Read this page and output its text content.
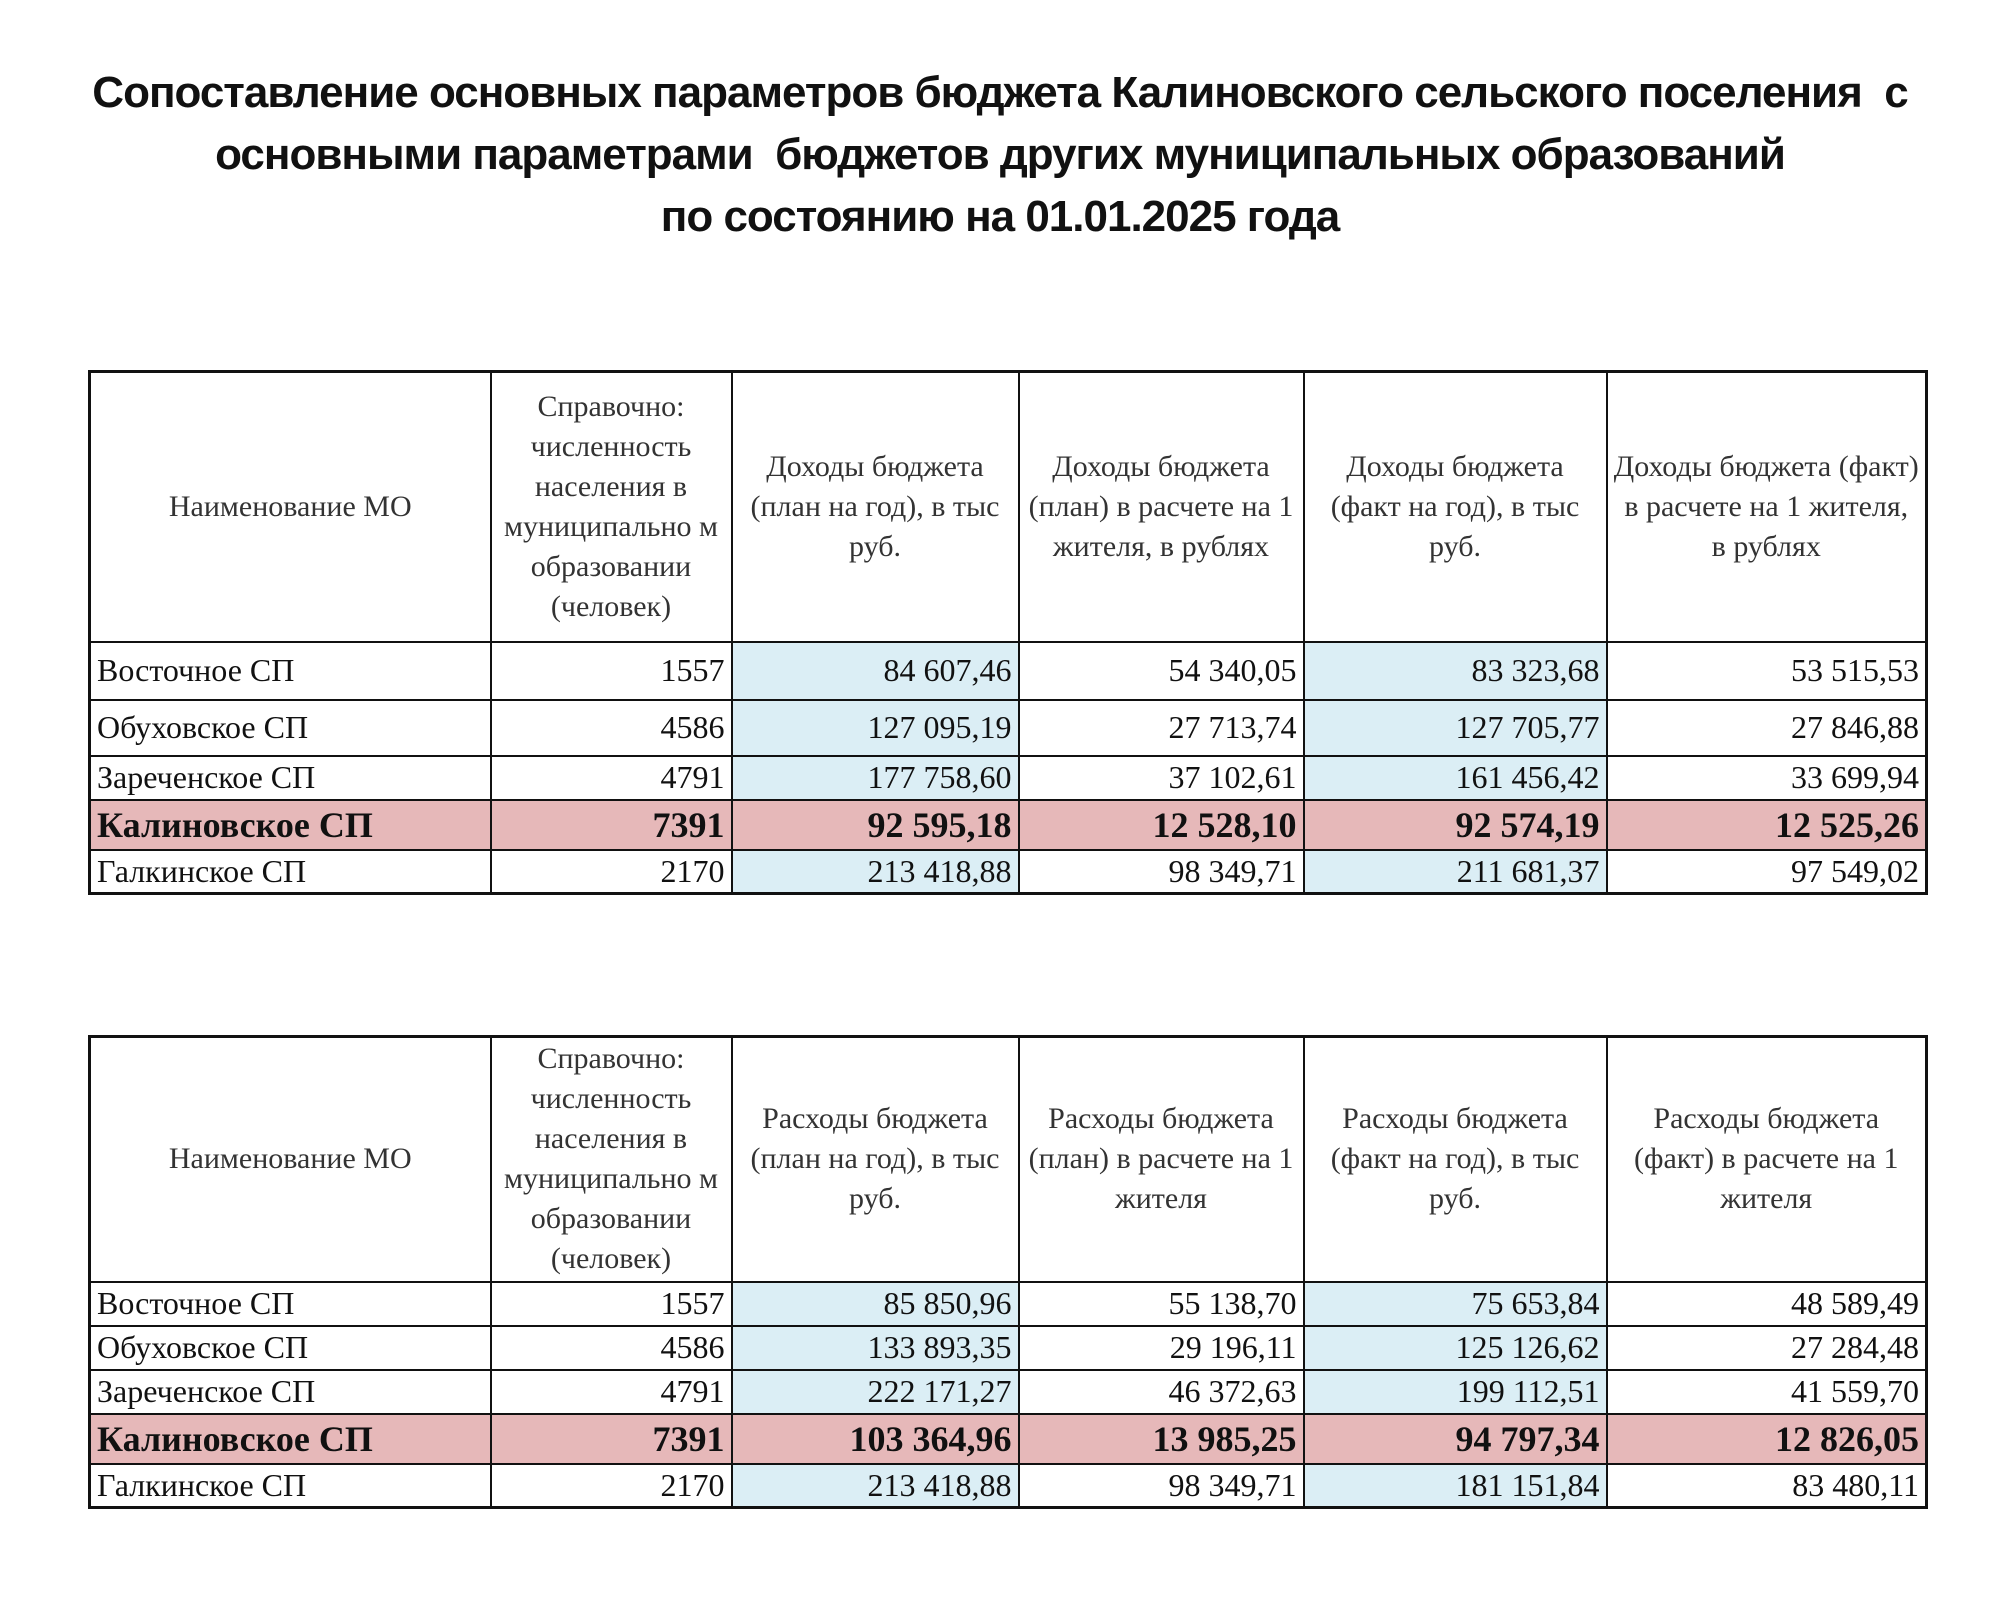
Сопоставление основных параметров бюджета Калиновского сельского поселения  с
основными параметрами  бюджетов других муниципальных образований
по состоянию на 01.01.2025 года
Наименование МО	Справочно: численность населения в муниципально м образовании (человек)	Доходы бюджета (план на год), в тыс руб.	Доходы бюджета (план) в расчете на 1 жителя, в рублях	Доходы бюджета (факт на год), в тыс руб.	Доходы бюджета (факт) в расчете на 1 жителя, в рублях
Восточное СП	1557	84 607,46	54 340,05	83 323,68	53 515,53
Обуховское СП	4586	127 095,19	27 713,74	127 705,77	27 846,88
Зареченское СП	4791	177 758,60	37 102,61	161 456,42	33 699,94
Калиновское СП	7391	92 595,18	12 528,10	92 574,19	12 525,26
Галкинское СП	2170	213 418,88	98 349,71	211 681,37	97 549,02
Наименование МО	Справочно: численность населения в муниципально м образовании (человек)	Расходы бюджета (план на год), в тыс руб.	Расходы бюджета (план) в расчете на 1 жителя	Расходы бюджета (факт на год), в тыс руб.	Расходы бюджета (факт) в расчете на 1 жителя
Восточное СП	1557	85 850,96	55 138,70	75 653,84	48 589,49
Обуховское СП	4586	133 893,35	29 196,11	125 126,62	27 284,48
Зареченское СП	4791	222 171,27	46 372,63	199 112,51	41 559,70
Калиновское СП	7391	103 364,96	13 985,25	94 797,34	12 826,05
Галкинское СП	2170	213 418,88	98 349,71	181 151,84	83 480,11
